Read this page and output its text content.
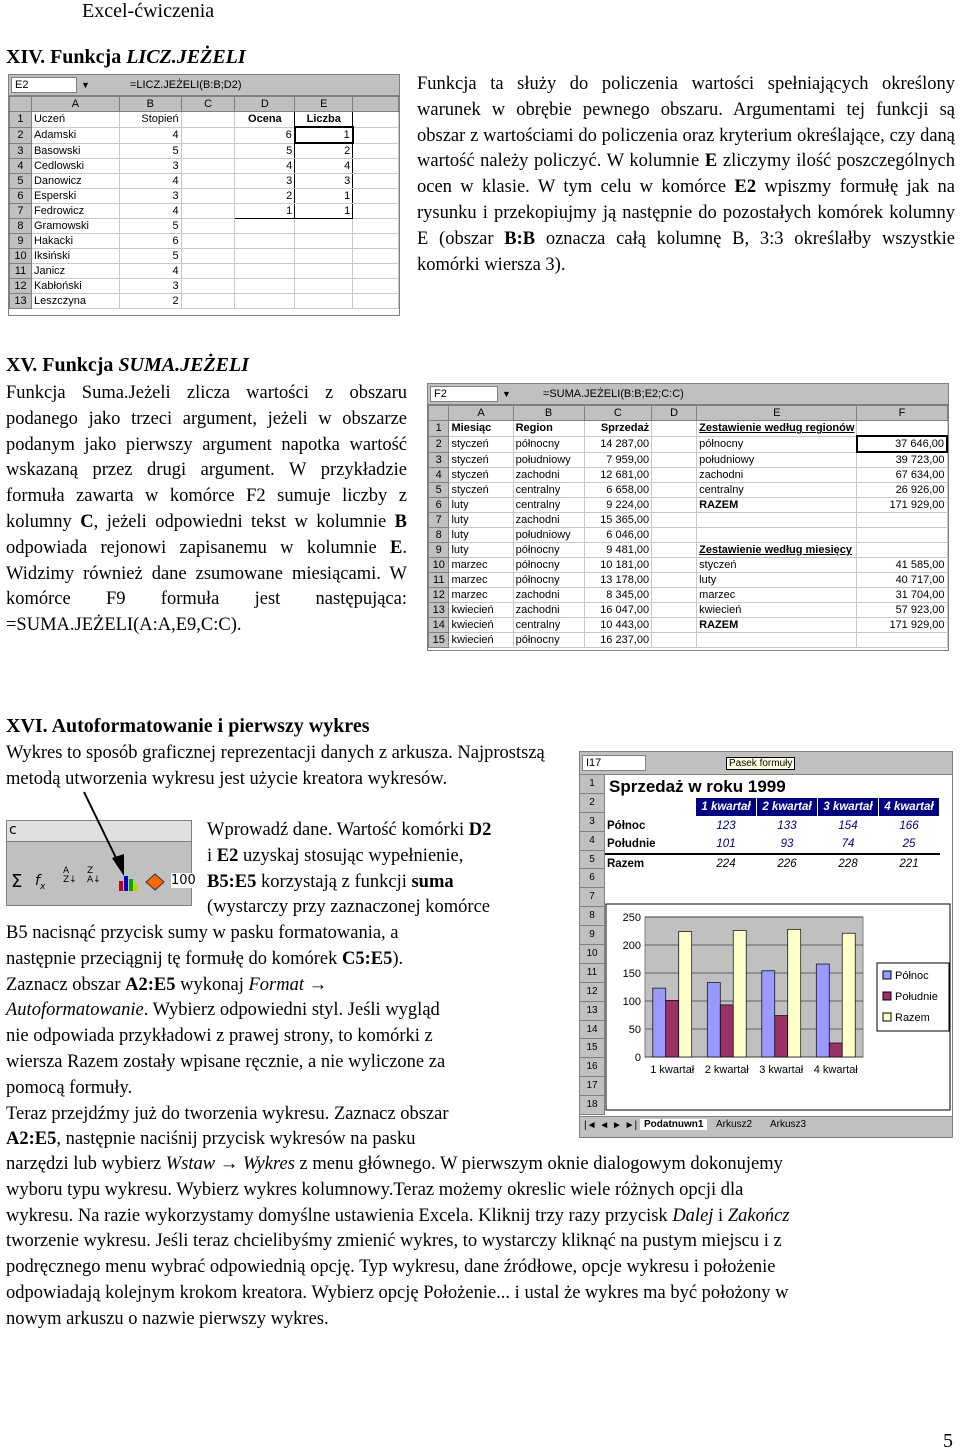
Excel-ćwiczenia
XIV. Funkcja LICZ.JEŻELI
E2	▼	=LICZ.JEŻELI(B:B;D2)
	A	B	C	D	E	
1	Uczeń	Stopień		Ocena	Liczba	
2	Adamski	4		6	1	
3	Basowski	5		5	2	
4	Cedlowski	3		4	4	
5	Danowicz	4		3	3	
6	Esperski	3		2	1	
7	Fedrowicz	4		1	1	
8	Gramowski	5				
9	Hakacki	6				
10	Iksiński	5				
11	Janicz	4				
12	Kabłoński	3				
13	Leszczyna	2				
Funkcja ta służy do policzenia wartości spełniających określony warunek w obrębie pewnego obszaru. Argumentami tej funkcji są obszar z wartościami do policzenia oraz kryterium określające, czy daną wartość należy policzyć. W kolumnie E zliczymy ilość poszczególnych ocen w klasie. W tym celu w komórce E2 wpiszmy formułę jak na rysunku i przekopiujmy ją następnie do pozostałych komórek kolumny E (obszar B:B oznacza całą kolumnę B, 3:3 określałby wszystkie komórki wiersza 3).
XV. Funkcja SUMA.JEŻELI
Funkcja Suma.Jeżeli zlicza wartości z obszaru podanego jako trzeci argument, jeżeli w obszarze podanym jako pierwszy argument napotka wartość wskazaną przez drugi argument. W przykładzie formuła zawarta w komórce F2 sumuje liczby z kolumny C, jeżeli odpowiedni tekst w kolumnie B odpowiada rejonowi zapisanemu w kolumnie E. Widzimy również dane zsumowane miesiącami. W komórce F9 formuła jest następująca: =SUMA.JEŻELI(A:A,E9,C:C).
F2	▼	=SUMA.JEŻELI(B:B;E2;C:C)
	A	B	C	D	E	F
1	Miesiąc	Region	Sprzedaż		Zestawienie według regionów	
2	styczeń	północny	14 287,00		północny	37 646,00
3	styczeń	południowy	7 959,00		południowy	39 723,00
4	styczeń	zachodni	12 681,00		zachodni	67 634,00
5	styczeń	centralny	6 658,00		centralny	26 926,00
6	luty	centralny	9 224,00		RAZEM	171 929,00
7	luty	zachodni	15 365,00			
8	luty	południowy	6 046,00			
9	luty	północny	9 481,00		Zestawienie według miesięcy	
10	marzec	północny	10 181,00		styczeń	41 585,00
11	marzec	północny	13 178,00		luty	40 717,00
12	marzec	zachodni	8 345,00		marzec	31 704,00
13	kwiecień	zachodni	16 047,00		kwiecień	57 923,00
14	kwiecień	centralny	10 443,00		RAZEM	171 929,00
15	kwiecień	północny	16 237,00			
XVI. Autoformatowanie i pierwszy wykres
Wykres to sposób graficznej reprezentacji danych z arkusza. Najprostszą metodą utworzenia wykresu jest użycie kreatora wykresów.
c
Σ $f_x$
A
Z↓
Z
A↓	100
Wprowadź dane. Wartość komórki D2
i E2 uzyskaj stosując wypełnienie,
B5:E5 korzystają z funkcji suma
(wystarczy przy zaznaczonej komórce
B5 nacisnąć przycisk sumy w pasku formatowania, a
następnie przeciągnij tę formułę do komórek C5:E5).
Zaznacz obszar A2:E5 wykonaj Format →
Autoformatowanie. Wybierz odpowiedni styl. Jeśli wygląd
nie odpowiada przykładowi z prawej strony, to komórki z
wiersza Razem zostały wpisane ręcznie, a nie wyliczone za
pomocą formuły.
Teraz przejdźmy już do tworzenia wykresu. Zaznacz obszar
A2:E5, następnie naciśnij przycisk wykresów na pasku
narzędzi lub wybierz Wstaw → Wykres z menu głównego. W pierwszym oknie dialogowym dokonujemy
wyboru typu wykresu. Wybierz wykres kolumnowy.Teraz możemy okreslic wiele różnych opcji dla
wykresu. Na razie wykorzystamy domyślne ustawienia Excela. Kliknij trzy razy przycisk Dalej i Zakończ
tworzenie wykresu. Jeśli teraz chcielibyśmy zmienić wykres, to wystarczy kliknąć na pustym miejscu i z
podręcznego menu wybrać odpowiednią opcję. Typ wykresu, dane źródłowe, opcje wykresu i położenie
odpowiadają kolejnym krokom kreatora. Wybierz opcję Położenie... i ustal że wykres ma być położony w
nowym arkuszu o nazwie pierwszy wykres.
I17	Pasek formuły
1
2
3
4
5
6
7
8
9
10
11
12
13
14
15
16
17
18
Sprzedaż w roku 1999
	1 kwartał	2 kwartał	3 kwartał	4 kwartał
Północ	123	133	154	166
Południe	101	93	74	25
Razem	224	226	228	221
0
50
100
150
200
250
1 kwartał 2 kwartał 3 kwartał 4 kwartał
Północ
Południe
Razem
|◄ ◄ ► ►| Podatnuwn1	Arkusz2	Arkusz3
5
